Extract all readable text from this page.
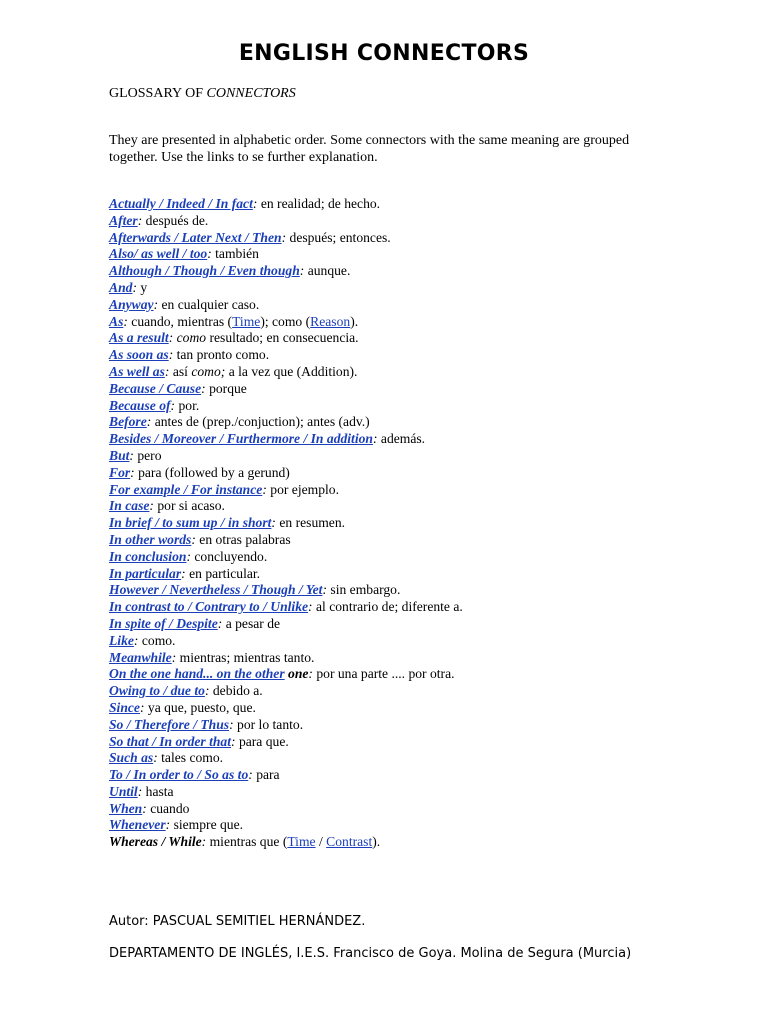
ENGLISH CONNECTORS
GLOSSARY OF CONNECTORS
They are presented in alphabetic order. Some connectors with the same meaning are grouped together. Use the links to se further explanation.
Actually / Indeed / In fact: en realidad; de hecho.
After: después de.
Afterwards / Later Next / Then: después; entonces.
Also/ as well / too: también
Although / Though / Even though: aunque.
And: y
Anyway: en cualquier caso.
As: cuando, mientras (Time); como (Reason).
As a result: como resultado; en consecuencia.
As soon as: tan pronto como.
As well as: así como; a la vez que (Addition).
Because / Cause: porque
Because of: por.
Before: antes de (prep./conjuction); antes (adv.)
Besides / Moreover / Furthermore / In addition: además.
But: pero
For: para (followed by a gerund)
For example / For instance: por ejemplo.
In case: por si acaso.
In brief / to sum up / in short: en resumen.
In other words: en otras palabras
In conclusion: concluyendo.
In particular: en particular.
However / Nevertheless / Though / Yet: sin embargo.
In contrast to / Contrary to / Unlike: al contrario de; diferente a.
In spite of / Despite: a pesar de
Like: como.
Meanwhile: mientras; mientras tanto.
On the one hand... on the other one: por una parte .... por otra.
Owing to / due to: debido a.
Since: ya que, puesto, que.
So / Therefore / Thus: por lo tanto.
So that / In order that: para que.
Such as: tales como.
To / In order to / So as to: para
Until: hasta
When: cuando
Whenever: siempre que.
Whereas / While: mientras que (Time / Contrast).
Autor: PASCUAL SEMITIEL HERNÁNDEZ.
DEPARTAMENTO DE INGLÉS, I.E.S. Francisco de Goya. Molina de Segura (Murcia)
